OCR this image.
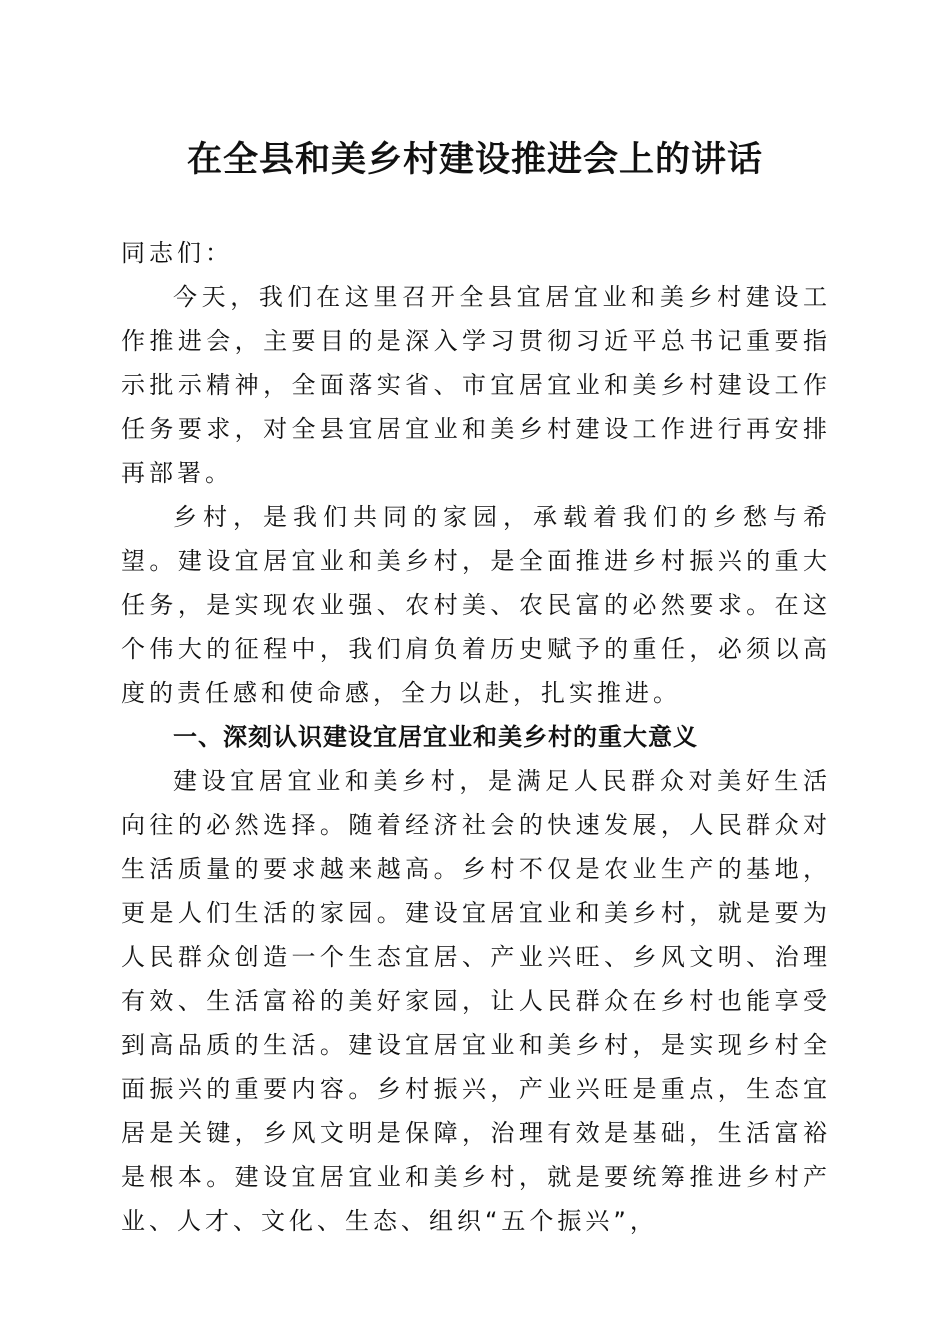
在全县和美乡村建设推进会上的讲话

同志们：

今天，我们在这里召开全县宜居宜业和美乡村建设工作推进会，主要目的是深入学习贯彻习近平总书记重要指示批示精神，全面落实省、市宜居宜业和美乡村建设工作任务要求，对全县宜居宜业和美乡村建设工作进行再安排再部署。

乡村，是我们共同的家园，承载着我们的乡愁与希望。建设宜居宜业和美乡村，是全面推进乡村振兴的重大任务，是实现农业强、农村美、农民富的必然要求。在这个伟大的征程中，我们肩负着历史赋予的重任，必须以高度的责任感和使命感，全力以赴，扎实推进。

一、深刻认识建设宜居宜业和美乡村的重大意义

建设宜居宜业和美乡村，是满足人民群众对美好生活向往的必然选择。随着经济社会的快速发展，人民群众对生活质量的要求越来越高。乡村不仅是农业生产的基地，更是人们生活的家园。建设宜居宜业和美乡村，就是要为人民群众创造一个生态宜居、产业兴旺、乡风文明、治理有效、生活富裕的美好家园，让人民群众在乡村也能享受到高品质的生活。建设宜居宜业和美乡村，是实现乡村全面振兴的重要内容。乡村振兴，产业兴旺是重点，生态宜居是关键，乡风文明是保障，治理有效是基础，生活富裕是根本。建设宜居宜业和美乡村，就是要统筹推进乡村产业、人才、文化、生态、组织“五个振兴”，
